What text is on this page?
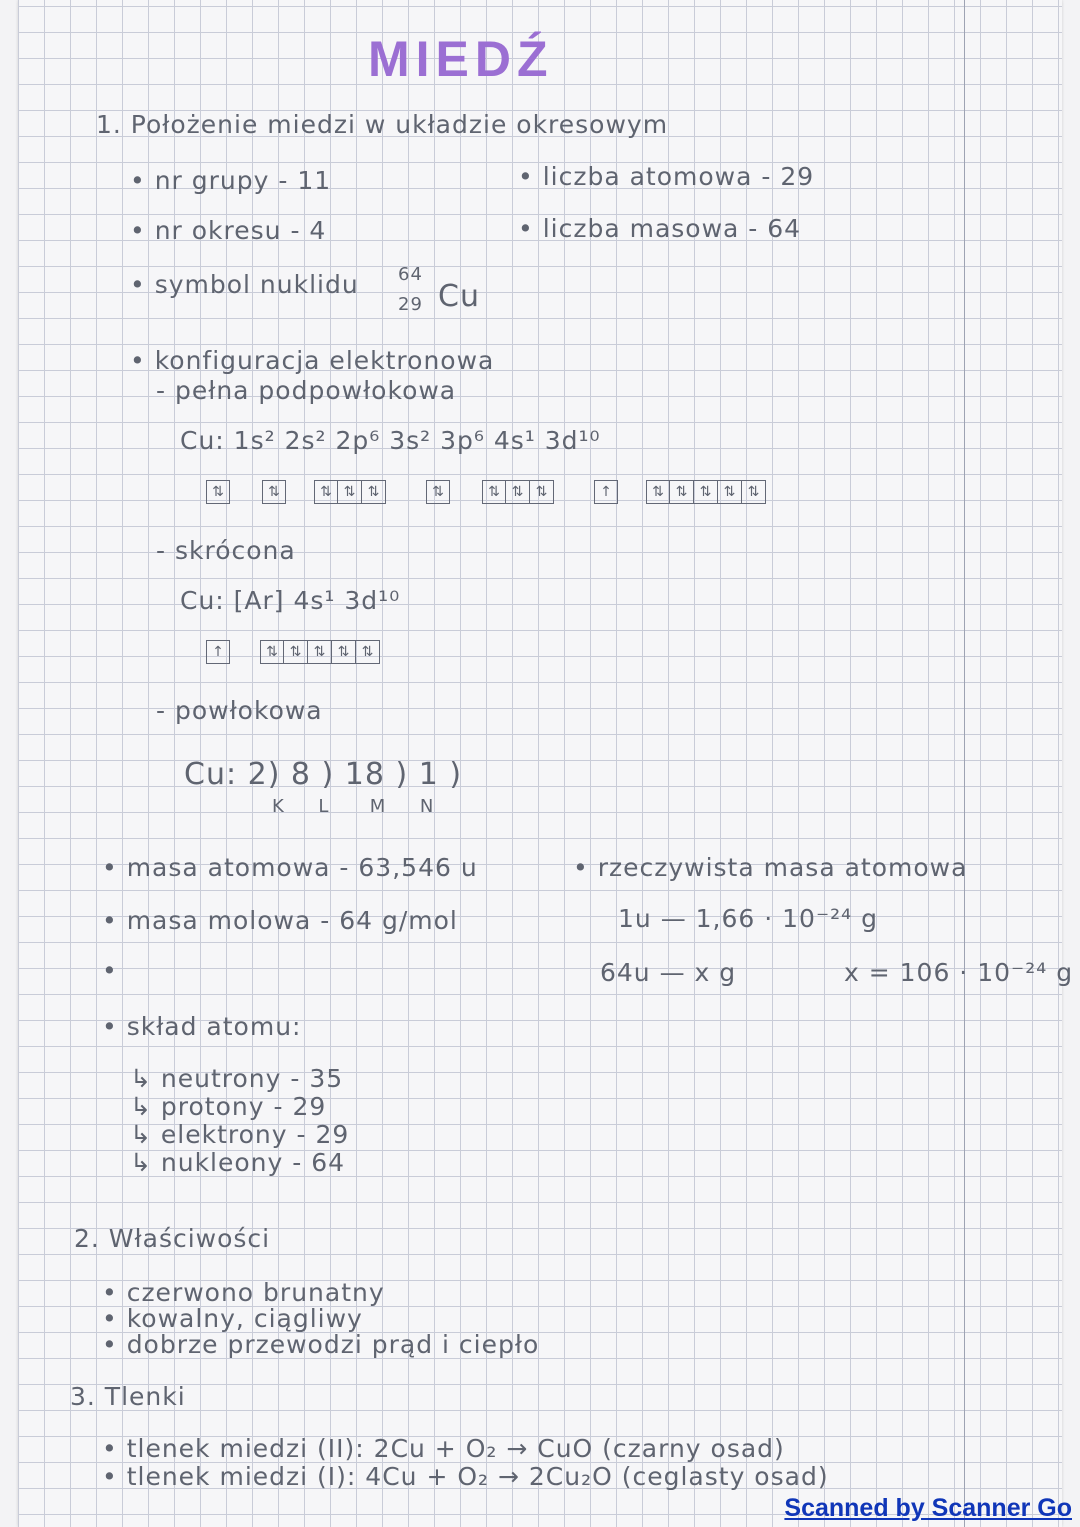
MIEDŹ
1. Położenie miedzi w układzie okresowym
• nr grupy - 11	• liczba atomowa - 29
• nr okresu - 4	• liczba masowa - 64
• symbol nuklidu 64
29 Cu
• konfiguracja elektronowa
- pełna podpowłokowa
Cu: 1s² 2s² 2p⁶ 3s² 3p⁶ 4s¹ 3d¹⁰
⇅	⇅	⇅ ⇅ ⇅	⇅	⇅ ⇅ ⇅	↑	⇅ ⇅ ⇅ ⇅ ⇅
- skrócona
Cu: [Ar] 4s¹ 3d¹⁰
↑	⇅ ⇅ ⇅ ⇅ ⇅
- powłokowa
Cu: 2) 8 ) 18 ) 1 )
K     L      M     N
• masa atomowa - 63,546 u	• rzeczywista masa atomowa
• masa molowa - 64 g/mol	1u — 1,66 · 10⁻²⁴ g
•	64u — x g	x = 106 · 10⁻²⁴ g
• skład atomu:
↳ neutrony - 35
↳ protony - 29
↳ elektrony - 29
↳ nukleony - 64
2. Właściwości
• czerwono brunatny
• kowalny, ciągliwy
• dobrze przewodzi prąd i ciepło
3. Tlenki
• tlenek miedzi (II): 2Cu + O₂ → CuO (czarny osad)
• tlenek miedzi (I): 4Cu + O₂ → 2Cu₂O (ceglasty osad)
Scanned by Scanner Go
